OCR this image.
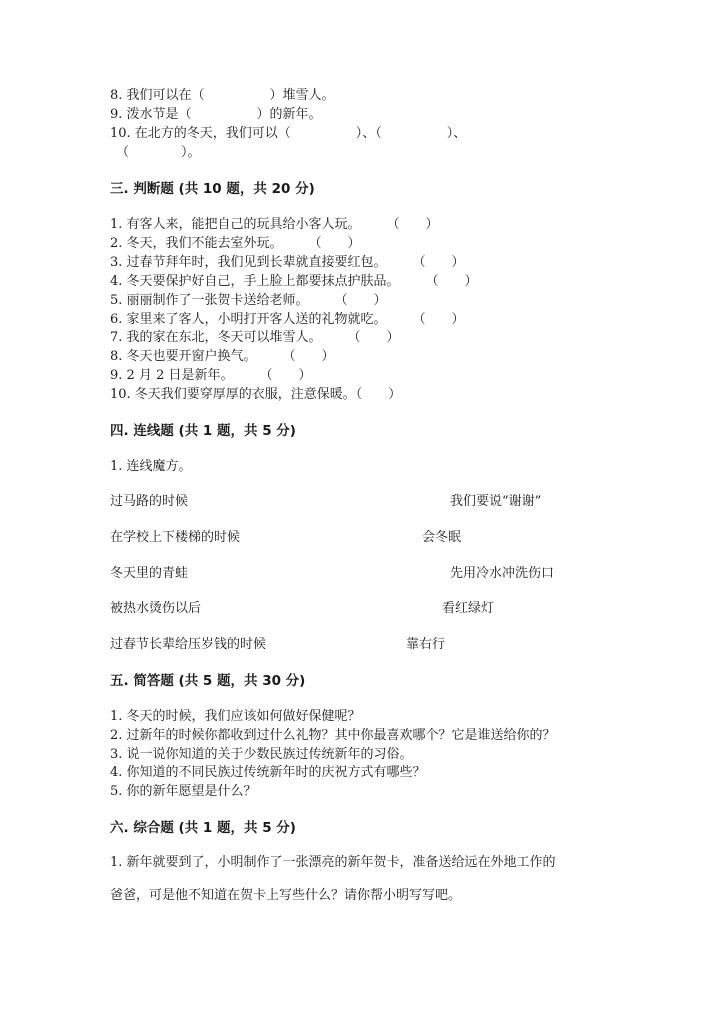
8. 我们可以在（　　　　　）堆雪人。
9. 泼水节是（　　　　　）的新年。
10. 在北方的冬天，我们可以（　　　　　）、（　　　　　）、
（　　　　）。
三. 判断题 (共 10 题，共 20 分)
1. 有客人来，能把自己的玩具给小客人玩。　　　（　　）
2. 冬天，我们不能去室外玩。　　　（　　）
3. 过春节拜年时，我们见到长辈就直接要红包。　　　（　　）
4. 冬天要保护好自己，手上脸上都要抹点护肤品。　　　（　　）
5. 丽丽制作了一张贺卡送给老师。　　　（　　）
6. 家里来了客人，小明打开客人送的礼物就吃。　　　（　　）
7. 我的家在东北，冬天可以堆雪人。　　　（　　）
8. 冬天也要开窗户换气。　　　（　　）
9. 2 月 2 日是新年。　　　（　　）
10. 冬天我们要穿厚厚的衣服，注意保暖。（　　）
四. 连线题 (共 1 题，共 5 分)
1. 连线魔方。
过马路的时候	我们要说“谢谢”
在学校上下楼梯的时候	会冬眠
冬天里的青蛙	先用冷水冲洗伤口
被热水烫伤以后	看红绿灯
过春节长辈给压岁钱的时候	靠右行
五. 简答题 (共 5 题，共 30 分)
1. 冬天的时候，我们应该如何做好保健呢？
2. 过新年的时候你都收到过什么礼物？其中你最喜欢哪个？它是谁送给你的？
3. 说一说你知道的关于少数民族过传统新年的习俗。
4. 你知道的不同民族过传统新年时的庆祝方式有哪些？
5. 你的新年愿望是什么？
六. 综合题 (共 1 题，共 5 分)
1. 新年就要到了，小明制作了一张漂亮的新年贺卡，准备送给远在外地工作的
爸爸，可是他不知道在贺卡上写些什么？请你帮小明写写吧。
